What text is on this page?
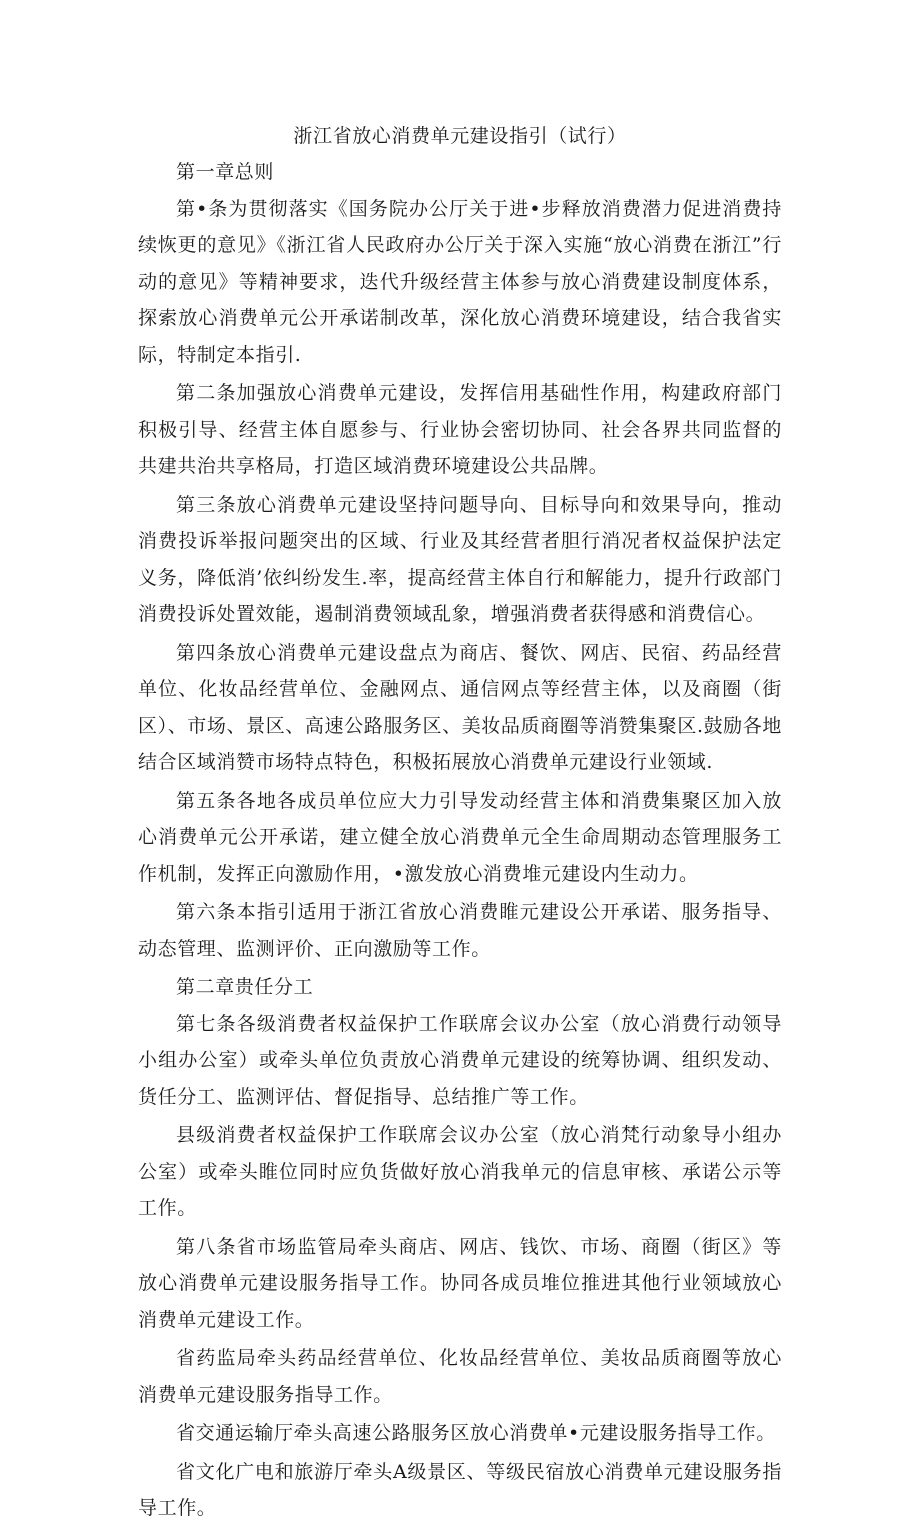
浙江省放心消费单元建设指引（试行）

第一章总则

第•条为贯彻落实《国务院办公厅关于进•步释放消费潜力促进消费持续恢更的意见》《浙江省人民政府办公厅关于深入实施“放心消费在浙江”行动的意见》等精神要求，迭代升级经营主体参与放心消费建设制度体系，探索放心消费单元公开承诺制改革，深化放心消费环境建设，结合我省实际，特制定本指引.

第二条加强放心消费单元建设，发挥信用基础性作用，构建政府部门积极引导、经营主体自愿参与、行业协会密切协同、社会各界共同监督的共建共治共享格局，打造区域消费环境建设公共品牌。

第三条放心消费单元建设坚持问题导向、目标导向和效果导向，推动消费投诉举报问题突出的区域、行业及其经营者胆行消况者权益保护法定义务，降低消’依纠纷发生.率，提高经营主体自行和解能力，提升行政部门消费投诉处置效能，遏制消费领域乱象，增强消费者获得感和消费信心。

第四条放心消费单元建设盘点为商店、餐饮、网店、民宿、药品经营单位、化妆品经营单位、金融网点、通信网点等经营主体，以及商圈（街区）、市场、景区、高速公路服务区、美妆品质商圈等消赞集聚区.鼓励各地结合区域消赞市场特点特色，积极拓展放心消费单元建设行业领域.

第五条各地各成员单位应大力引导发动经营主体和消费集聚区加入放心消费单元公开承诺，建立健全放心消费单元全生命周期动态管理服务工作机制，发挥正向激励作用，•激发放心消费堆元建设内生动力。

第六条本指引适用于浙江省放心消费睢元建设公开承诺、服务指导、动态管理、监测评价、正向激励等工作。

第二章贵任分工

第七条各级消费者权益保护工作联席会议办公室（放心消费行动领导小组办公室）或牵头单位负责放心消费单元建设的统筹协调、组织发动、货任分工、监测评估、督促指导、总结推广等工作。

县级消费者权益保护工作联席会议办公室（放心消梵行动象导小组办公室）或牵头睢位同时应负货做好放心消我单元的信息审核、承诺公示等工作。

第八条省市场监管局牵头商店、网店、钱饮、市场、商圈（街区》等放心消费单元建设服务指导工作。协同各成员堆位推进其他行业领域放心消费单元建设工作。

省药监局牵头药品经营单位、化妆品经营单位、美妆品质商圈等放心消费单元建设服务指导工作。

省交通运输厅牵头高速公路服务区放心消费单•元建设服务指导工作。

省文化广电和旅游厅牵头A级景区、等级民宿放心消费单元建设服务指导工作。
